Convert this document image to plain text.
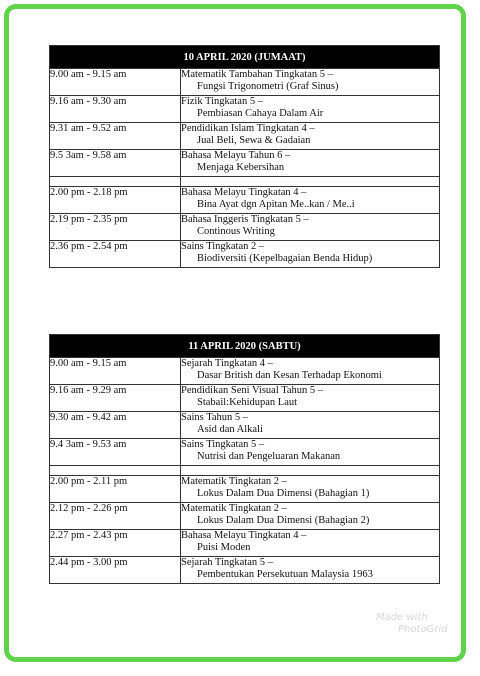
10 APRIL 2020 (JUMAAT)	
9.00 am - 9.15 am	Matematik Tambahan Tingkatan 5 –
Fungsi Trigonometri (Graf Sinus)

9.16 am - 9.30 am	Fizik Tingkatan 5 –
Pembiasan Cahaya Dalam Air

9.31 am - 9.52 am	Pendidikan Islam Tingkatan 4 –
Jual Beli, Sewa & Gadaian

9.5 3am - 9.58 am	Bahasa Melayu Tahun 6 –
Menjaga Kebersihan

2.00 pm - 2.18 pm	Bahasa Melayu Tingkatan 4 –
Bina Ayat dgn Apitan Me..kan / Me..i

2.19 pm - 2.35 pm	Bahasa Inggeris Tingkatan 5 –
Continous Writing

2.36 pm - 2.54 pm	Sains Tingkatan 2 –
Biodiversiti (Kepelbagaian Benda Hidup)
11 APRIL 2020 (SABTU)	
9.00 am - 9.15 am	Sejarah Tingkatan 4 –
Dasar British dan Kesan Terhadap Ekonomi

9.16 am - 9.29 am	Pendidikan Seni Visual Tahun 5 –
Stabail:Kehidupan Laut

9.30 am - 9.42 am	Sains Tahun 5 –
Asid dan Alkali

9.4 3am - 9.53 am	Sains Tingkatan 5 –
Nutrisi dan Pengeluaran Makanan

2.00 pm - 2.11 pm	Matematik Tingkatan 2 –
Lokus Dalam Dua Dimensi (Bahagian 1)

2.12 pm - 2.26 pm	Matematik Tingkatan 2 –
Lokus Dalam Dua Dimensi (Bahagian 2)

2.27 pm - 2.43 pm	Bahasa Melayu Tingkatan 4 –
Puisi Moden

2.44 pm - 3.00 pm	Sejarah Tingkatan 5 –
Pembentukan Persekutuan Malaysia 1963
Made with
PhotoGrid
